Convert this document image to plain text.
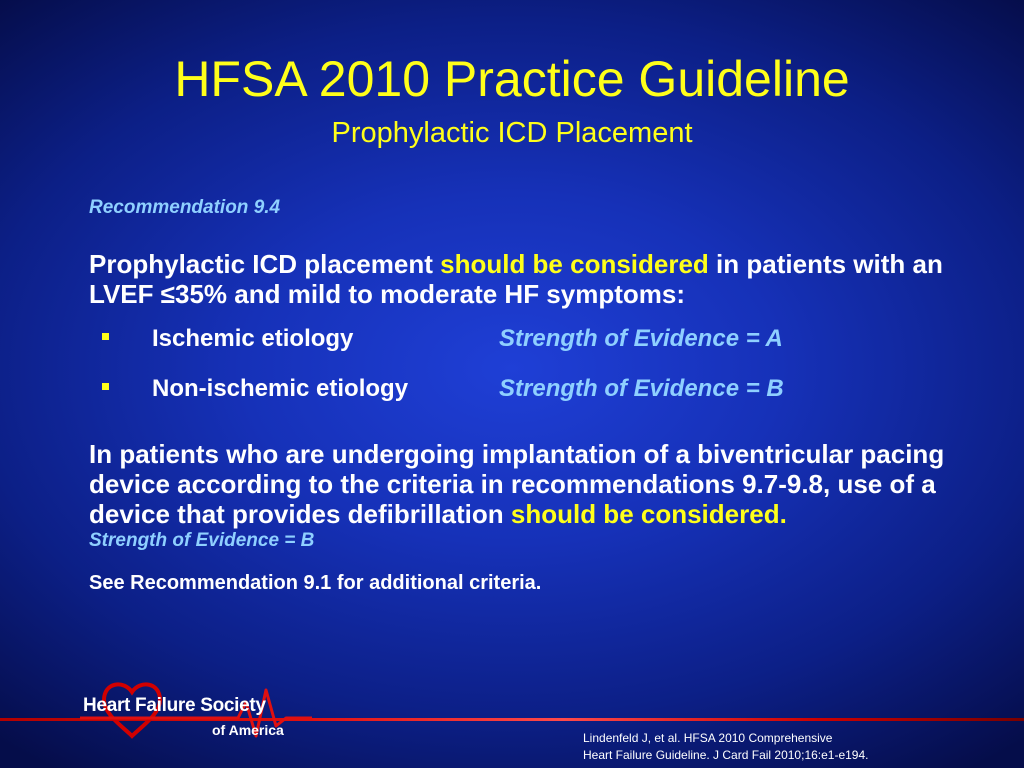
HFSA 2010 Practice Guideline
Prophylactic ICD Placement

Recommendation 9.4

Prophylactic ICD placement should be considered in patients with an LVEF ≤35% and mild to moderate HF symptoms:

Ischemic etiology	Strength of Evidence = A
Non-ischemic etiology	Strength of Evidence = B

In patients who are undergoing implantation of a biventricular pacing device according to the criteria in recommendations 9.7-9.8, use of a device that provides defibrillation should be considered.

Strength of Evidence = B

See Recommendation 9.1 for additional criteria.

Heart Failure Society
of America	Lindenfeld J, et al. HFSA 2010 Comprehensive
Heart Failure Guideline. J Card Fail 2010;16:e1-e194.
